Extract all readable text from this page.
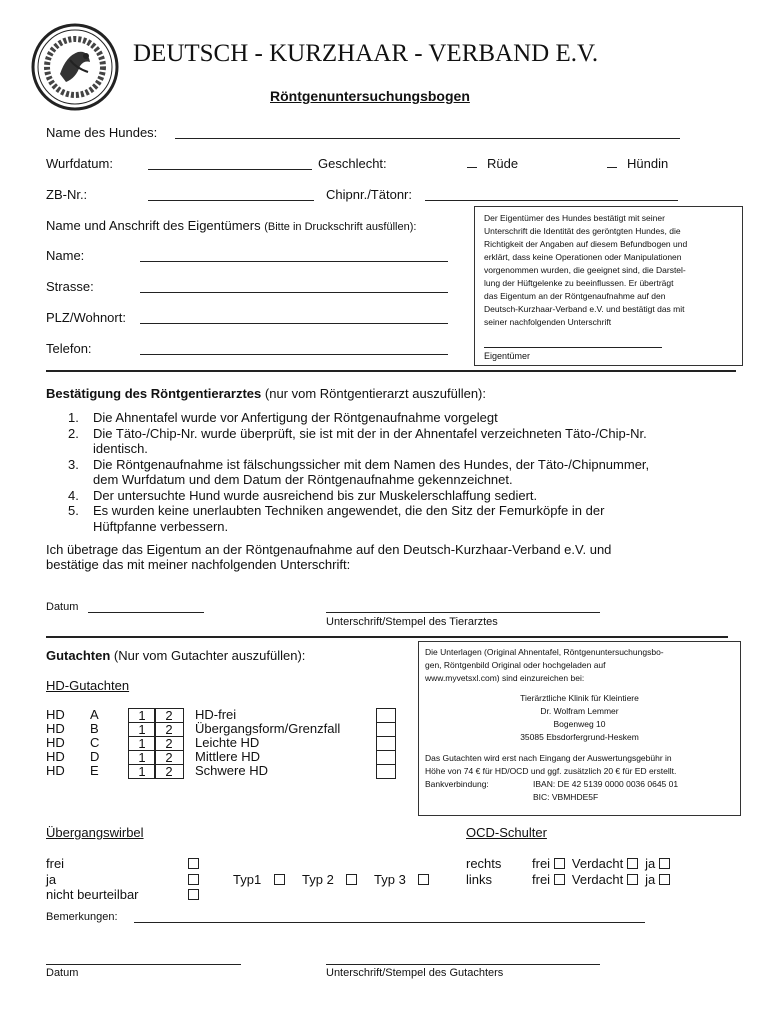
DEUTSCH - KURZHAAR - VERBAND E.V.
Röntgenuntersuchungsbogen
Name des Hundes:
Wurfdatum:	Geschlecht:	Rüde	Hündin
ZB-Nr.:	Chipnr./Tätonr:
Name und Anschrift des Eigentümers (Bitte in Druckschrift ausfüllen):
Name:
Strasse:
PLZ/Wohnort:
Telefon:
Der Eigentümer des Hundes bestätigt mit seiner
Unterschrift die Identität des geröntgten Hundes, die
Richtigkeit der Angaben auf diesem Befundbogen und
erklärt, dass keine Operationen oder Manipulationen
vorgenommen wurden, die geeignet sind, die Darstel-
lung der Hüftgelenke zu beeinflussen. Er überträgt
das Eigentum an der Röntgenaufnahme auf den
Deutsch-Kurzhaar-Verband e.V. und bestätigt das mit
seiner nachfolgenden Unterschrift
Eigentümer
Bestätigung des Röntgentierarztes (nur vom Röntgentierarzt auszufüllen):
1.	Die Ahnentafel wurde vor Anfertigung der Röntgenaufnahme vorgelegt
2.	Die Täto-/Chip-Nr. wurde überprüft, sie ist mit der in der Ahnentafel verzeichneten Täto-/Chip-Nr.
identisch.
3.	Die Röntgenaufnahme ist fälschungssicher mit dem Namen des Hundes, der Täto-/Chipnummer,
dem Wurfdatum und dem Datum der Röntgenaufnahme gekennzeichnet.
4.	Der untersuchte Hund wurde ausreichend bis zur Muskelerschlaffung sediert.
5.	Es wurden keine unerlaubten Techniken angewendet, die den Sitz der Femurköpfe in der
Hüftpfanne verbessern.
Ich übetrage das Eigentum an der Röntgenaufnahme auf den Deutsch-Kurzhaar-Verband e.V. und
bestätige das mit meiner nachfolgenden Unterschrift:
Datum
Unterschrift/Stempel des Tierarztes
Gutachten (Nur vom Gutachter auszufüllen):
HD-Gutachten
HD A	1	2	HD-frei
HD B	1	2	Übergangsform/Grenzfall
HD C	1	2	Leichte HD
HD D	1	2	Mittlere HD
HD E	1	2	Schwere HD
Die Unterlagen (Original Ahnentafel, Röntgenuntersuchungsbo-
gen, Röntgenbild Original oder hochgeladen auf
www.myvetsxl.com) sind einzureichen bei:
Tierärztliche Klinik für Kleintiere
Dr. Wolfram Lemmer
Bogenweg 10
35085 Ebsdorfergrund-Heskem
Das Gutachten wird erst nach Eingang der Auswertungsgebühr in
Höhe von 74 € für HD/OCD und ggf. zusätzlich 20 € für ED erstellt.
Bankverbindung:	IBAN: DE 42 5139 0000 0036 0645 01
BIC: VBMHDE5F
Übergangswirbel
frei
ja
nicht beurteilbar
Typ1	Typ 2	Typ 3
OCD-Schulter
rechts frei Verdacht ja
links	frei Verdacht ja
Bemerkungen:
Datum	Unterschrift/Stempel des Gutachters
